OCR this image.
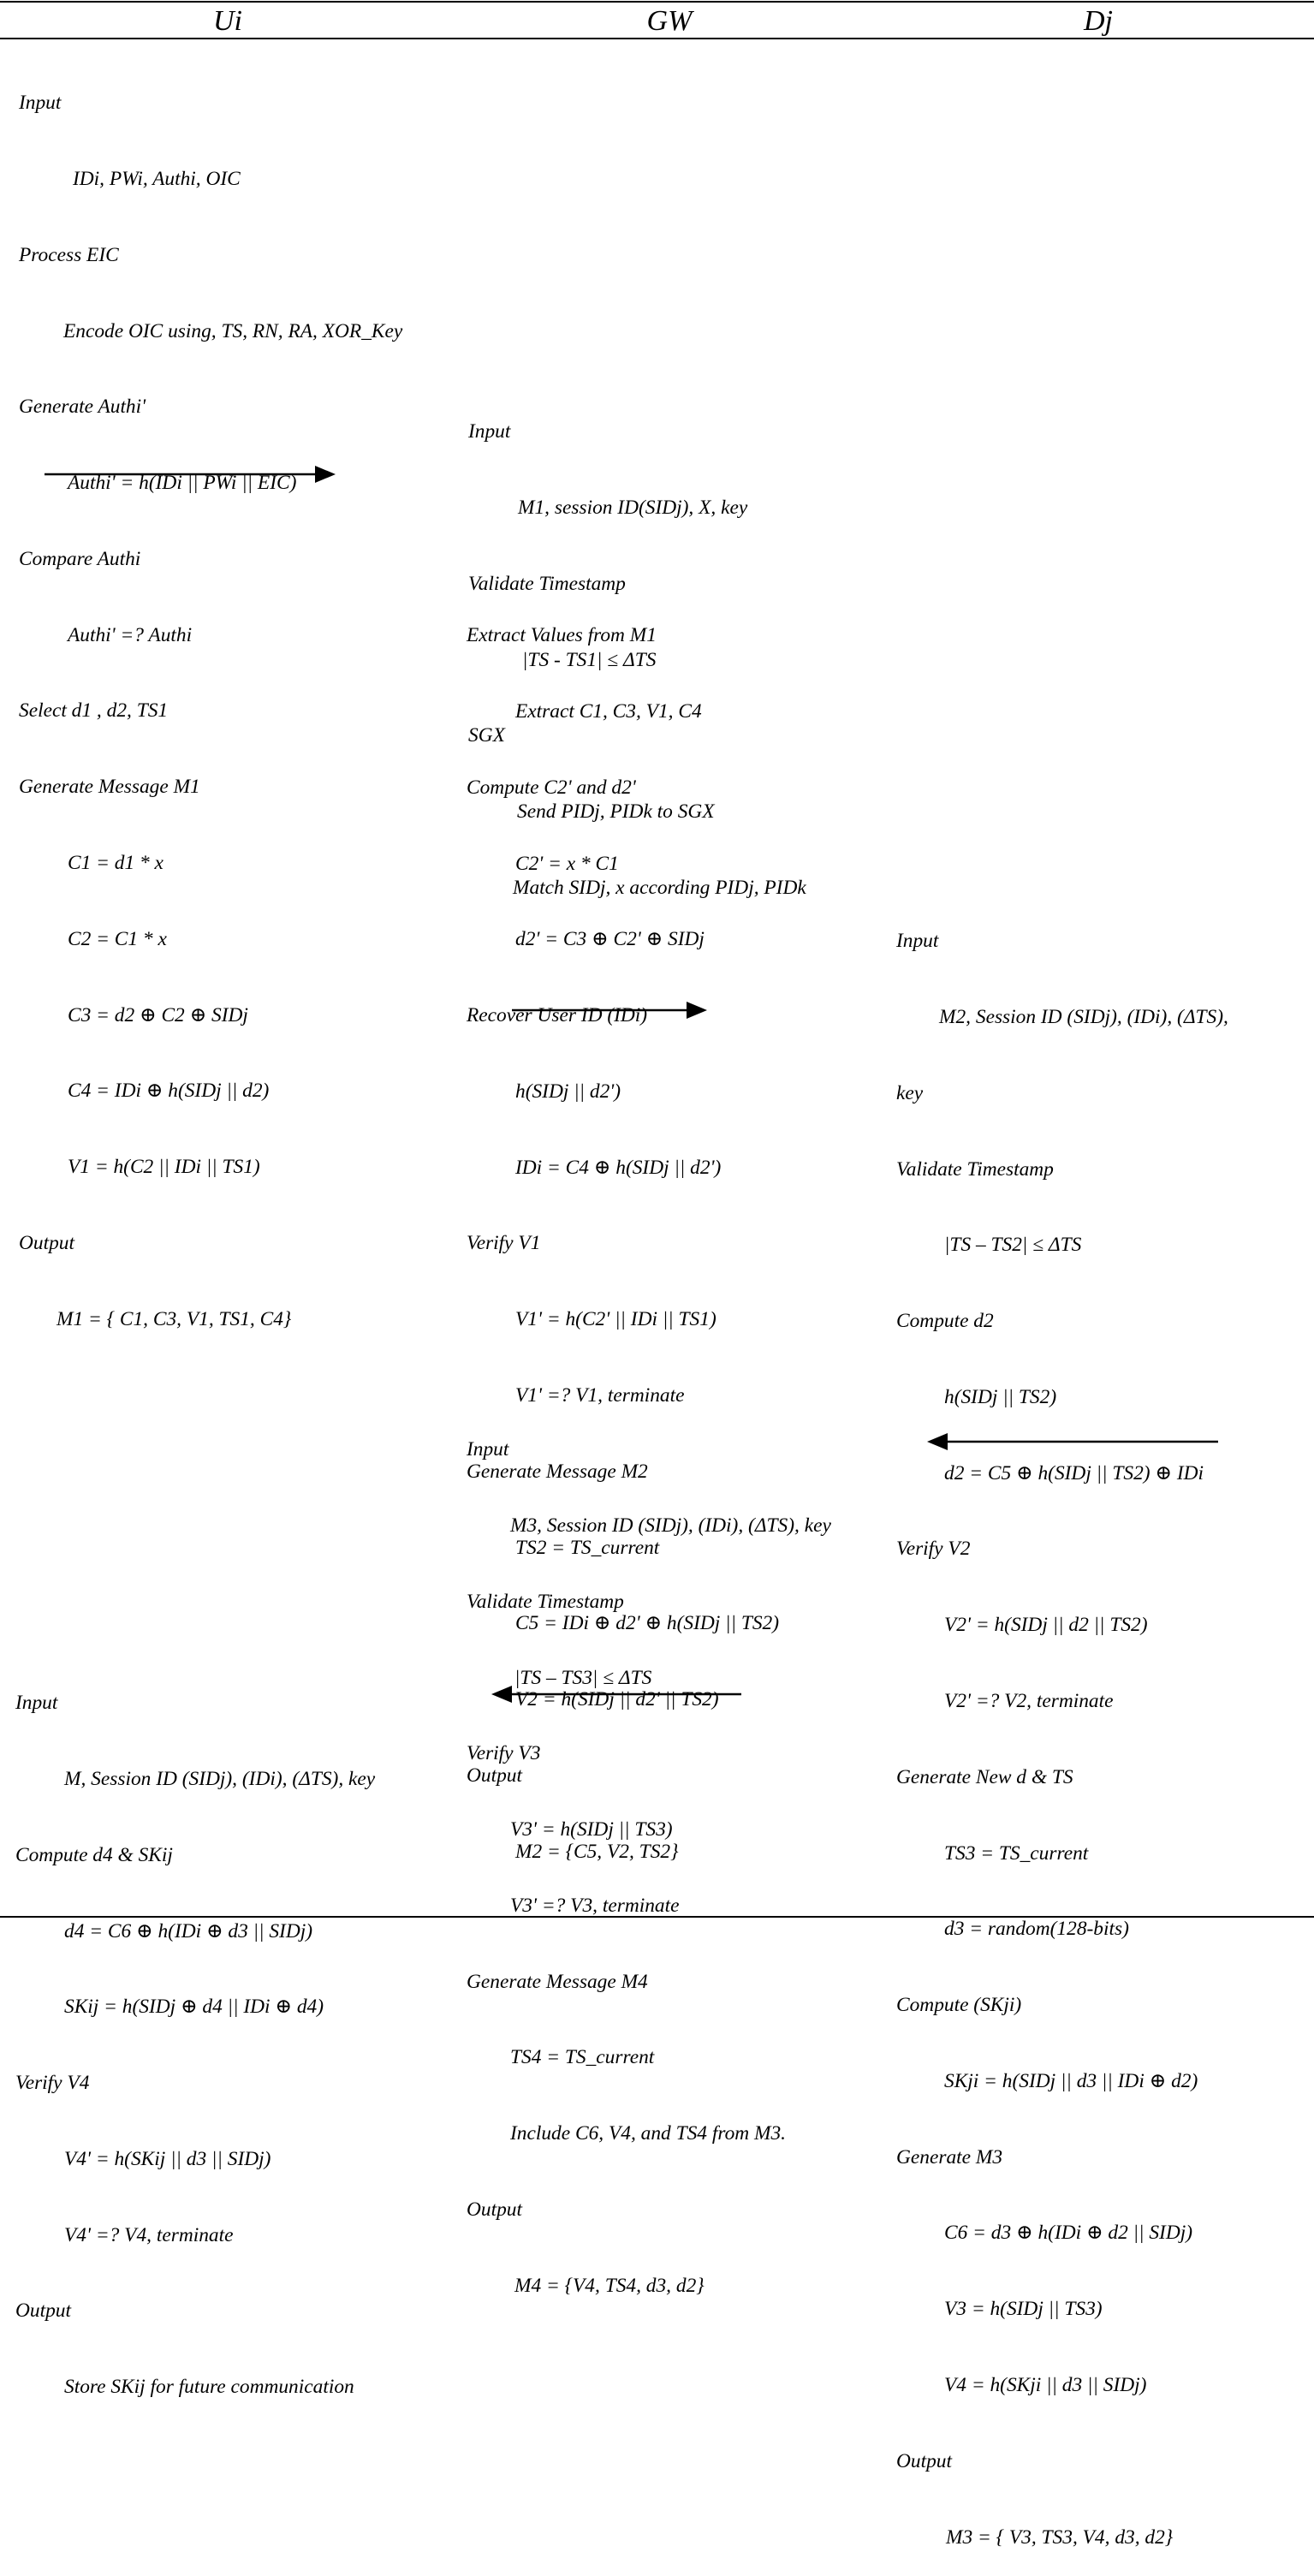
Ui	GW	Dj

Input

IDi, PWi, Authi, OIC

Process EIC

Encode OIC using, TS, RN, RA, XOR_Key

Generate Authi'

Authi' = h(IDi || PWi || EIC)

Compare Authi

Authi' =? Authi

Select d1 , d2, TS1

Generate Message M1

C1 = d1 * x

C2 = C1 * x

C3 = d2 ⊕ C2 ⊕ SIDj

C4 = IDi ⊕ h(SIDj || d2)

V1 = h(C2 || IDi || TS1)

Output

M1 = { C1, C3, V1, TS1, C4}

Input

M1, session ID(SIDj), X, key

Validate Timestamp

|TS - TS1| ≤ ΔTS

SGX

Send PIDj, PIDk to SGX

Match SIDj, x according PIDj, PIDk

Extract Values from M1

Extract C1, C3, V1, C4

Compute C2' and d2'

C2' = x * C1

d2' = C3 ⊕ C2' ⊕ SIDj

Recover User ID (IDi)

h(SIDj || d2')

IDi = C4 ⊕ h(SIDj || d2')

Verify V1

V1' = h(C2' || IDi || TS1)

V1' =? V1, terminate

Generate Message M2

TS2 = TS_current

C5 = IDi ⊕ d2' ⊕ h(SIDj || TS2)

V2 = h(SIDj || d2' || TS2)

Output

M2 = {C5, V2, TS2}

Input

M2, Session ID (SIDj), (IDi), (ΔTS),

key

Validate Timestamp

|TS – TS2| ≤ ΔTS

Compute d2

h(SIDj || TS2)

d2 = C5 ⊕ h(SIDj || TS2) ⊕ IDi

Verify V2

V2' = h(SIDj || d2 || TS2)

V2' =? V2, terminate

Generate New d & TS

TS3 = TS_current

d3 = random(128-bits)

Compute (SKji)

SKji = h(SIDj || d3 || IDi ⊕ d2)

Generate M3

C6 = d3 ⊕ h(IDi ⊕ d2 || SIDj)

V3 = h(SIDj || TS3)

V4 = h(SKji || d3 || SIDj)

Output

M3 = { V3, TS3, V4, d3, d2}

Input

M3, Session ID (SIDj), (IDi), (ΔTS), key

Validate Timestamp

|TS – TS3| ≤ ΔTS

Verify V3

V3' = h(SIDj || TS3)

V3' =? V3, terminate

Generate Message M4

TS4 = TS_current

Include C6, V4, and TS4 from M3.

Output

M4 = {V4, TS4, d3, d2}

Input

M, Session ID (SIDj), (IDi), (ΔTS), key

Compute d4 & SKij

d4 = C6 ⊕ h(IDi ⊕ d3 || SIDj)

SKij = h(SIDj ⊕ d4 || IDi ⊕ d4)

Verify V4

V4' = h(SKij || d3 || SIDj)

V4' =? V4, terminate

Output

Store SKij for future communication
